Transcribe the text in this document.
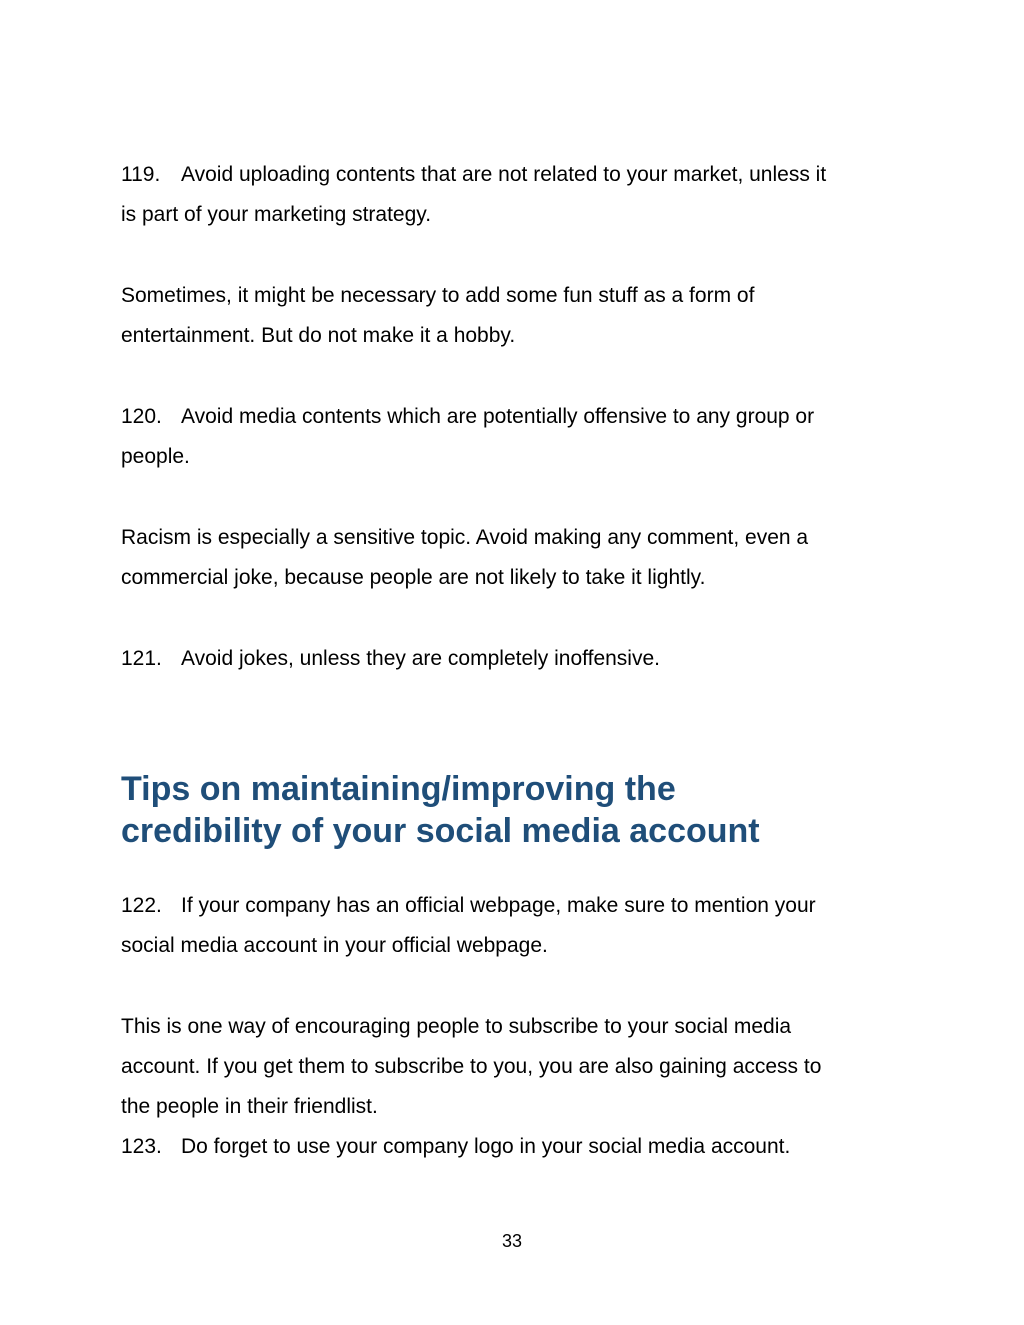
119. Avoid uploading contents that are not related to your market, unless it
is part of your marketing strategy.
Sometimes, it might be necessary to add some fun stuff as a form of
entertainment. But do not make it a hobby.
120. Avoid media contents which are potentially offensive to any group or
people.
Racism is especially a sensitive topic. Avoid making any comment, even a
commercial joke, because people are not likely to take it lightly.
121. Avoid jokes, unless they are completely inoffensive.
Tips on maintaining/improving the
credibility of your social media account
122. If your company has an official webpage, make sure to mention your
social media account in your official webpage.
This is one way of encouraging people to subscribe to your social media
account. If you get them to subscribe to you, you are also gaining access to
the people in their friendlist.
123. Do forget to use your company logo in your social media account.
33
